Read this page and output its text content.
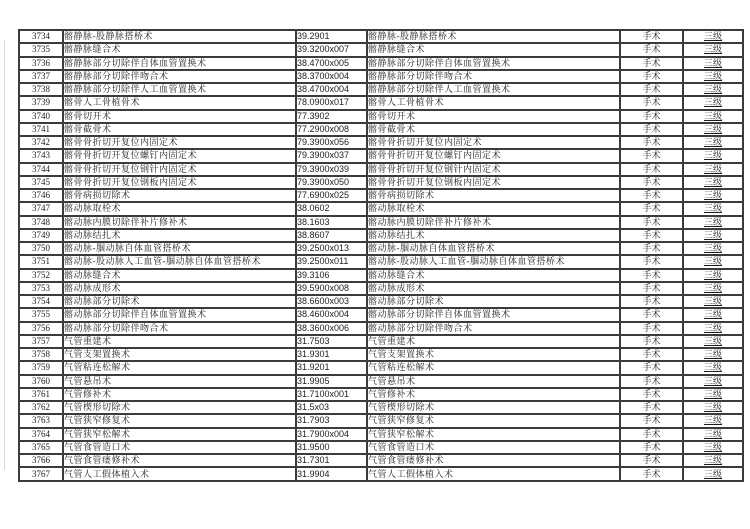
3734	髂静脉-股静脉搭桥术	39.2901	髂静脉-股静脉搭桥术	手术	三级
3735	髂静脉缝合术	39.3200x007	髂静脉缝合术	手术	三级
3736	髂静脉部分切除伴自体血管置换术	38.4700x005	髂静脉部分切除伴自体血管置换术	手术	三级
3737	髂静脉部分切除伴吻合术	38.3700x004	髂静脉部分切除伴吻合术	手术	三级
3738	髂静脉部分切除伴人工血管置换术	38.4700x004	髂静脉部分切除伴人工血管置换术	手术	三级
3739	髂骨人工骨植骨术	78.0900x017	髂骨人工骨植骨术	手术	三级
3740	髂骨切开术	77.3902	髂骨切开术	手术	三级
3741	髂骨截骨术	77.2900x008	髂骨截骨术	手术	三级
3742	髂骨骨折切开复位内固定术	79.3900x056	髂骨骨折切开复位内固定术	手术	三级
3743	髂骨骨折切开复位螺钉内固定术	79.3900x037	髂骨骨折切开复位螺钉内固定术	手术	三级
3744	髂骨骨折切开复位钢针内固定术	79.3900x039	髂骨骨折切开复位钢针内固定术	手术	三级
3745	髂骨骨折切开复位钢板内固定术	79.3900x050	髂骨骨折切开复位钢板内固定术	手术	三级
3746	髂骨病损切除术	77.6900x025	髂骨病损切除术	手术	三级
3747	髂动脉取栓术	38.0602	髂动脉取栓术	手术	三级
3748	髂动脉内膜切除伴补片修补术	38.1603	髂动脉内膜切除伴补片修补术	手术	三级
3749	髂动脉结扎术	38.8607	髂动脉结扎术	手术	三级
3750	髂动脉-腘动脉自体血管搭桥术	39.2500x013	髂动脉-腘动脉自体血管搭桥术	手术	三级
3751	髂动脉-股动脉人工血管-腘动脉自体血管搭桥术	39.2500x011	髂动脉-股动脉人工血管-腘动脉自体血管搭桥术	手术	三级
3752	髂动脉缝合术	39.3106	髂动脉缝合术	手术	三级
3753	髂动脉成形术	39.5900x008	髂动脉成形术	手术	三级
3754	髂动脉部分切除术	38.6600x003	髂动脉部分切除术	手术	三级
3755	髂动脉部分切除伴自体血管置换术	38.4600x004	髂动脉部分切除伴自体血管置换术	手术	三级
3756	髂动脉部分切除伴吻合术	38.3600x006	髂动脉部分切除伴吻合术	手术	三级
3757	气管重建术	31.7503	气管重建术	手术	三级
3758	气管支架置换术	31.9301	气管支架置换术	手术	三级
3759	气管粘连松解术	31.9201	气管粘连松解术	手术	三级
3760	气管悬吊术	31.9905	气管悬吊术	手术	三级
3761	气管修补术	31.7100x001	气管修补术	手术	三级
3762	气管楔形切除术	31.5x03	气管楔形切除术	手术	三级
3763	气管狭窄修复术	31.7903	气管狭窄修复术	手术	三级
3764	气管狭窄松解术	31.7900x004	气管狭窄松解术	手术	三级
3765	气管食管造口术	31.9500	气管食管造口术	手术	三级
3766	气管食管瘘修补术	31.7301	气管食管瘘修补术	手术	三级
3767	气管人工假体植入术	31.9904	气管人工假体植入术	手术	三级
